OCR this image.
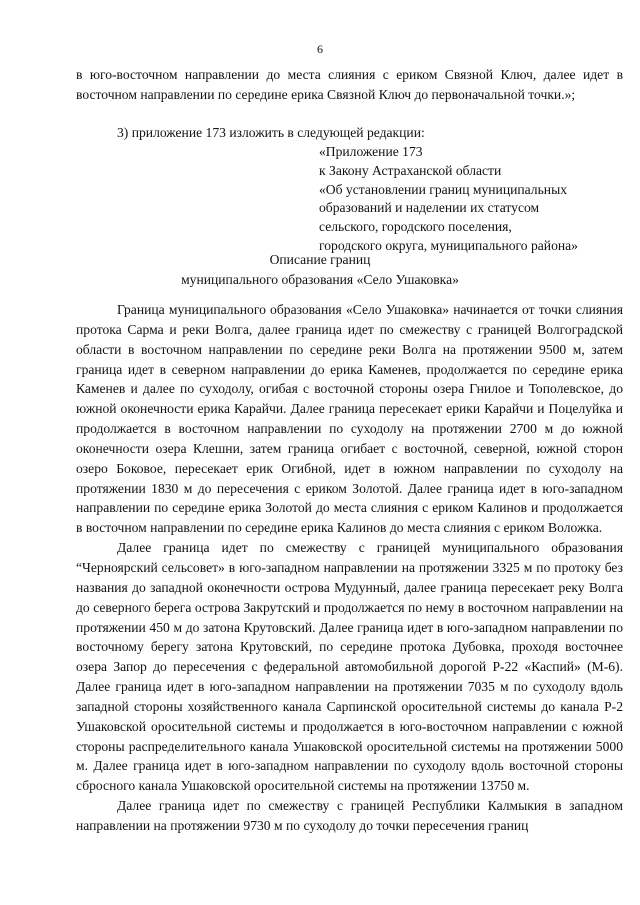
6

в юго-восточном направлении до места слияния с ериком Связной Ключ, далее идет в восточном направлении по середине ерика Связной Ключ до первоначальной точки.»;

3) приложение 173 изложить в следующей редакции:

«Приложение 173
к Закону Астраханской области
«Об установлении границ муниципальных
образований и наделении их статусом
сельского, городского поселения,
городского округа, муниципального района»
Описание границ
муниципального образования «Село Ушаковка»

Граница муниципального образования «Село Ушаковка» начинается от точки слияния протока Сарма и реки Волга, далее граница идет по смежеству с границей Волгоградской области в восточном направлении по середине реки Волга на протяжении 9500 м, затем граница идет в северном направлении до ерика Каменев, продолжается по середине ерика Каменев и далее по суходолу, огибая с восточной стороны озера Гнилое и Тополевское, до южной оконечности ерика Карайчи. Далее граница пересекает ерики Карайчи и Поцелуйка и продолжается в восточном направлении по суходолу на протяжении 2700 м до южной оконечности озера Клешни, затем граница огибает с восточной, северной, южной сторон озеро Боковое, пересекает ерик Огибной, идет в южном направлении по суходолу на протяжении 1830 м до пересечения с ериком Золотой. Далее граница идет в юго-западном направлении по середине ерика Золотой до места слияния с ериком Калинов и продолжается в восточном направлении по середине ерика Калинов до места слияния с ериком Воложка.

Далее граница идет по смежеству с границей муниципального образования “Черноярский сельсовет» в юго-западном направлении на протяжении 3325 м по протоку без названия до западной оконечности острова Мудунный, далее граница пересекает реку Волга до северного берега острова Закрутский и продолжается по нему в восточном направлении на протяжении 450 м до затона Крутовский. Далее граница идет в юго-западном направлении по восточному берегу затона Крутовский, по середине протока Дубовка, проходя восточнее озера Запор до пересечения с федеральной автомобильной дорогой Р-22 «Каспий» (М-6). Далее граница идет в юго-западном направлении на протяжении 7035 м по суходолу вдоль западной стороны хозяйственного канала Сарпинской оросительной системы до канала Р-2 Ушаковской оросительной системы и продолжается в юго-восточном направлении с южной стороны распределительного канала Ушаковской оросительной системы на протяжении 5000 м. Далее граница идет в юго-западном направлении по суходолу вдоль восточной стороны сбросного канала Ушаковской оросительной системы на протяжении 13750 м.

Далее граница идет по смежеству с границей Республики Калмыкия в западном направлении на протяжении 9730 м по суходолу до точки пересечения границ
